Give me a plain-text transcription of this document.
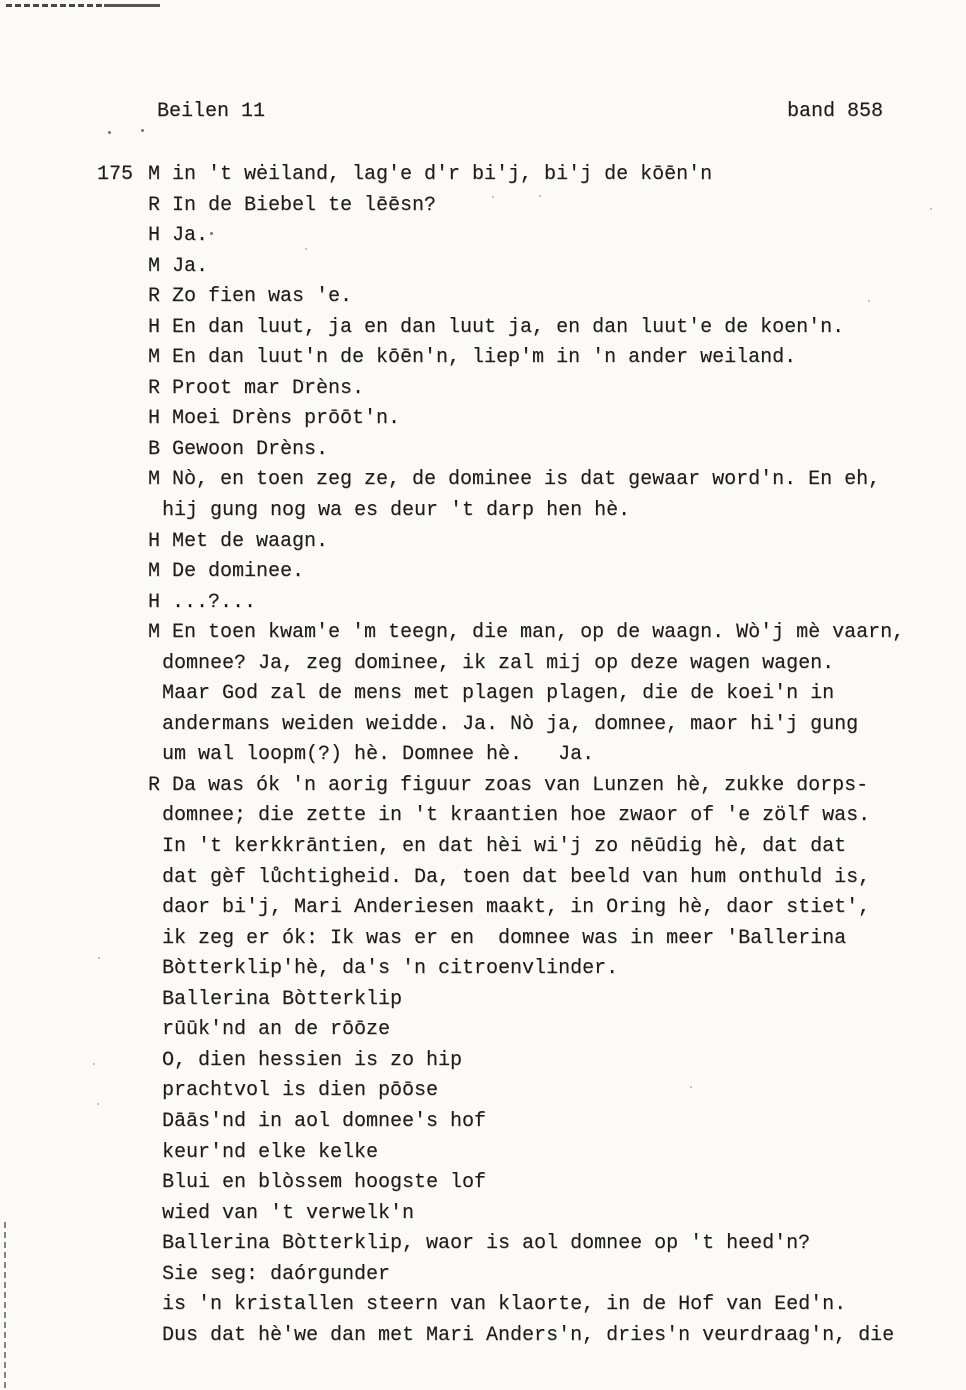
Beilen 11	band 858
175 M in 't wėiland, lag'e d'r bi'j, bi'j de kōēn'n
R In de Biebel te lēēsn?
H Ja.
M Ja.
R Zo fien was 'e.
H En dan luut, ja en dan luut ja, en dan luut'e de koen'n.
M En dan luut'n de kōēn'n, liep'm in 'n ander weiland.
R Proot mar Drèns.
H Moei Drèns prōōt'n.
B Gewoon Drèns.
M Nò, en toen zeg ze, de dominee is dat gewaar word'n. En eh,
hij gung nog wa es deur 't darp hen hè.
H Met de waagn.
M De dominee.
H ...?...
M En toen kwam'e 'm teegn, die man, op de waagn. Wò'j mè vaarn,
domnee? Ja, zeg dominee, ik zal mij op deze wagen wagen.
Maar God zal de mens met plagen plagen, die de koei'n in
andermans weiden weidde. Ja. Nò ja, domnee, maor hi'j gung
um wal loopm(?) hè. Domnee hè.   Ja.
R Da was ók 'n aorig figuur zoas van Lunzen hè, zukke dorps-
domnee; die zette in 't kraantien hoe zwaor of 'e zölf was.
In 't kerkkrāntien, en dat hèi wi'j zo nēūdig hè, dat dat
dat gèf lůchtigheid. Da, toen dat beeld van hum onthuld is,
daor bi'j, Mari Anderiesen maakt, in Oring hè, daor stiet',
ik zeg er ók: Ik was er en  domnee was in meer 'Ballerina
Bòtterklip'hè, da's 'n citroenvlinder.
Ballerina Bòtterklip
rūūk'nd an de rōōze
O, dien hessien is zo hip
prachtvol is dien pōōse
Dāās'nd in aol domnee's hof
keur'nd elke kelke
Blui en blòssem hoogste lof
wied van 't verwelk'n
Ballerina Bòtterklip, waor is aol domnee op 't heed'n?
Sie seg: daórgunder
is 'n kristallen steern van klaorte, in de Hof van Eed'n.
Dus dat hè'we dan met Mari Anders'n, dries'n veurdraag'n, die
